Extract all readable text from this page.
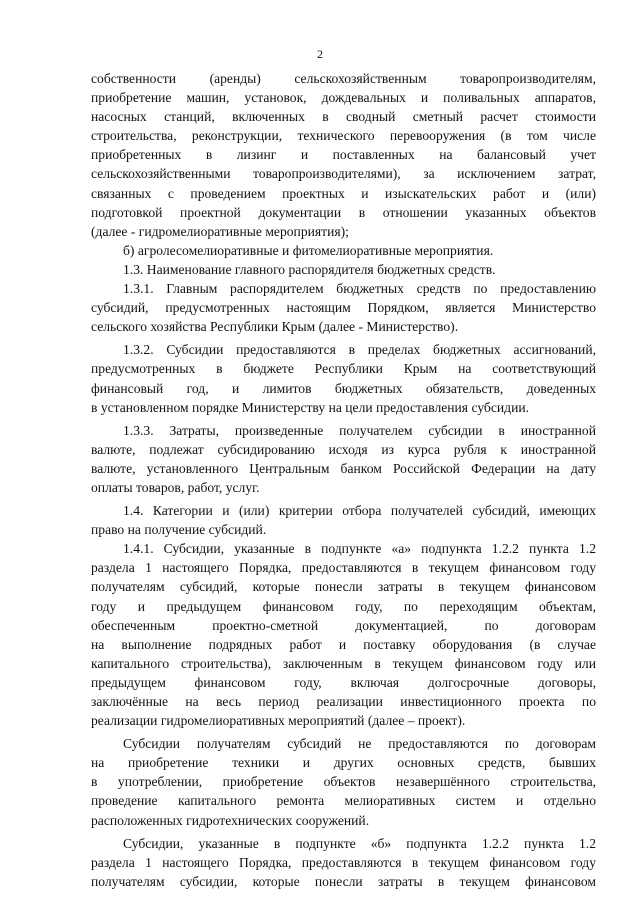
2
собственности (аренды) сельскохозяйственным товаропроизводителям,
приобретение машин, установок, дождевальных и поливальных аппаратов,
насосных станций, включенных в сводный сметный расчет стоимости
строительства, реконструкции, технического перевооружения (в том числе
приобретенных в лизинг и поставленных на балансовый учет
сельскохозяйственными товаропроизводителями), за исключением затрат,
связанных с проведением проектных и изыскательских работ и (или)
подготовкой проектной документации в отношении указанных объектов
(далее - гидромелиоративные мероприятия);
б) агролесомелиоративные и фитомелиоративные мероприятия.
1.3. Наименование главного распорядителя бюджетных средств.
1.3.1. Главным распорядителем бюджетных средств по предоставлению
субсидий, предусмотренных настоящим Порядком, является Министерство
сельского хозяйства Республики Крым (далее - Министерство).
1.3.2. Субсидии предоставляются в пределах бюджетных ассигнований,
предусмотренных в бюджете Республики Крым на соответствующий
финансовый год, и лимитов бюджетных обязательств, доведенных
в установленном порядке Министерству на цели предоставления субсидии.
1.3.3. Затраты, произведенные получателем субсидии в иностранной
валюте, подлежат субсидированию исходя из курса рубля к иностранной
валюте, установленного Центральным банком Российской Федерации на дату
оплаты товаров, работ, услуг.
1.4. Категории и (или) критерии отбора получателей субсидий, имеющих
право на получение субсидий.
1.4.1. Субсидии, указанные в подпункте «а» подпункта 1.2.2 пункта 1.2
раздела 1 настоящего Порядка, предоставляются в текущем финансовом году
получателям субсидий, которые понесли затраты в текущем финансовом
году и предыдущем финансовом году, по переходящим объектам,
обеспеченным проектно-сметной документацией, по договорам
на выполнение подрядных работ и поставку оборудования (в случае
капитального строительства), заключенным в текущем финансовом году или
предыдущем финансовом году, включая долгосрочные договоры,
заключённые на весь период реализации инвестиционного проекта по
реализации гидромелиоративных мероприятий (далее – проект).
Субсидии получателям субсидий не предоставляются по договорам
на приобретение техники и других основных средств, бывших
в употреблении, приобретение объектов незавершённого строительства,
проведение капитального ремонта мелиоративных систем и отдельно
расположенных гидротехнических сооружений.
Субсидии, указанные в подпункте «б» подпункта 1.2.2 пункта 1.2
раздела 1 настоящего Порядка, предоставляются в текущем финансовом году
получателям субсидии, которые понесли затраты в текущем финансовом
